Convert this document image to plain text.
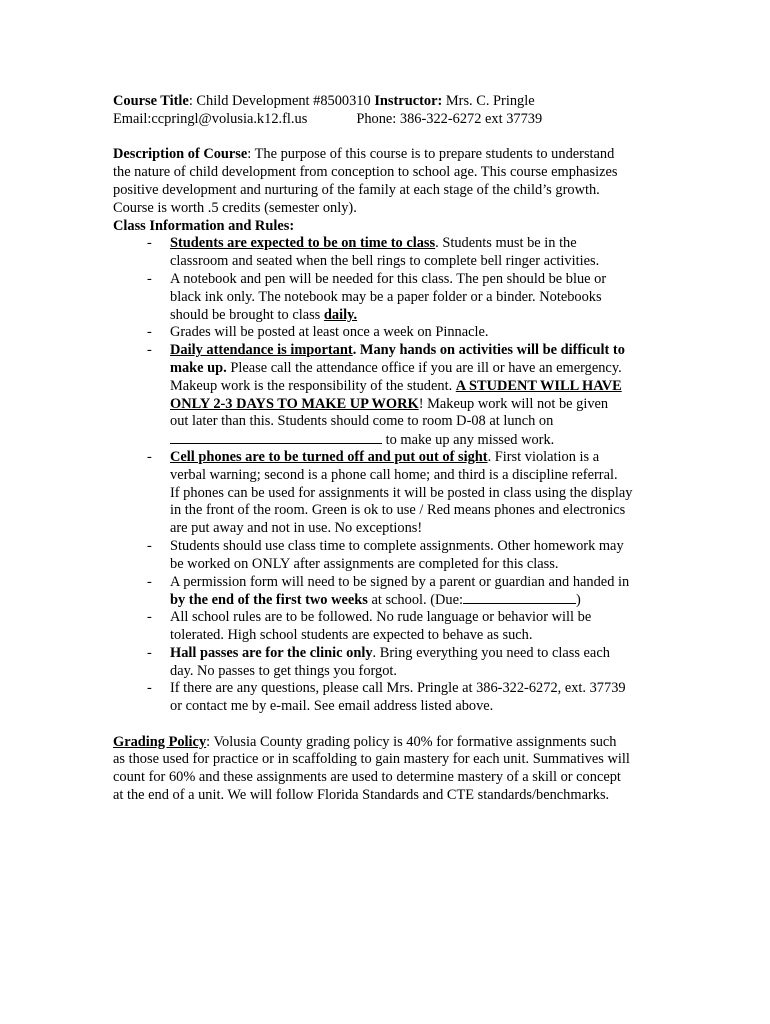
Course Title: Child Development #8500310 Instructor: Mrs. C. Pringle
Email:ccpringl@volusia.k12.fl.us	Phone: 386-322-6272 ext 37739
Description of Course: The purpose of this course is to prepare students to understand
the nature of child development from conception to school age. This course emphasizes
positive development and nurturing of the family at each stage of the child’s growth.
Course is worth .5 credits (semester only).
Class Information and Rules:
- Students are expected to be on time to class. Students must be in the
classroom and seated when the bell rings to complete bell ringer activities.
- A notebook and pen will be needed for this class. The pen should be blue or
black ink only. The notebook may be a paper folder or a binder. Notebooks
should be brought to class daily.
- Grades will be posted at least once a week on Pinnacle.
- Daily attendance is important. Many hands on activities will be difficult to
make up. Please call the attendance office if you are ill or have an emergency.
Makeup work is the responsibility of the student. A STUDENT WILL HAVE
ONLY 2-3 DAYS TO MAKE UP WORK! Makeup work will not be given
out later than this. Students should come to room D-08 at lunch on
to make up any missed work.
- Cell phones are to be turned off and put out of sight. First violation is a
verbal warning; second is a phone call home; and third is a discipline referral.
If phones can be used for assignments it will be posted in class using the display
in the front of the room. Green is ok to use / Red means phones and electronics
are put away and not in use. No exceptions!
- Students should use class time to complete assignments. Other homework may
be worked on ONLY after assignments are completed for this class.
- A permission form will need to be signed by a parent or guardian and handed in
by the end of the first two weeks at school. (Due:	)
- All school rules are to be followed. No rude language or behavior will be
tolerated. High school students are expected to behave as such.
- Hall passes are for the clinic only. Bring everything you need to class each
day. No passes to get things you forgot.
- If there are any questions, please call Mrs. Pringle at 386-322-6272, ext. 37739
or contact me by e-mail. See email address listed above.
Grading Policy: Volusia County grading policy is 40% for formative assignments such
as those used for practice or in scaffolding to gain mastery for each unit. Summatives will
count for 60% and these assignments are used to determine mastery of a skill or concept
at the end of a unit. We will follow Florida Standards and CTE standards/benchmarks.
